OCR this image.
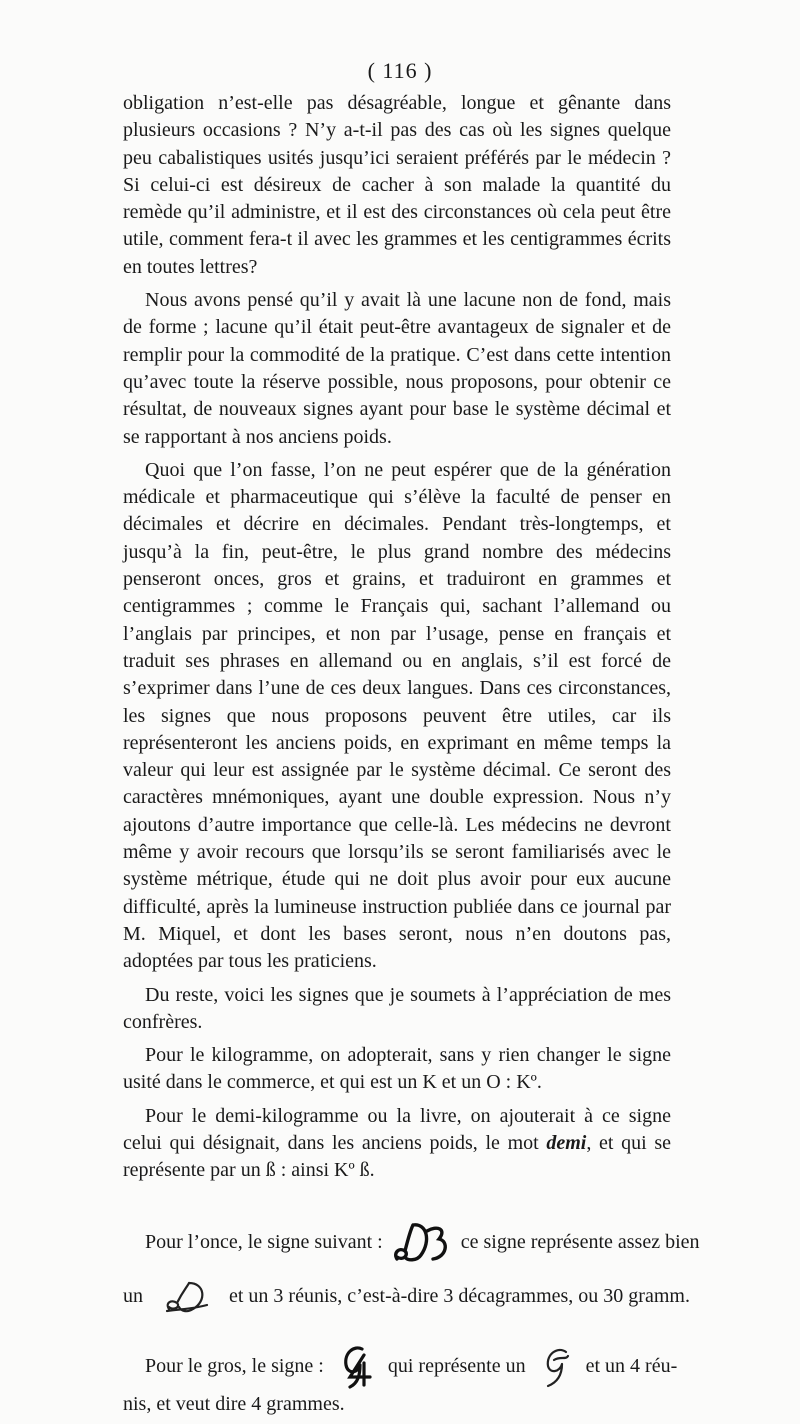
( 116 )

obligation n’est-elle pas désagréable, longue et gênante dans plusieurs occasions ? N’y a-t-il pas des cas où les signes quelque peu cabalistiques usités jusqu’ici seraient préférés par le médecin ? Si celui-ci est désireux de cacher à son malade la quantité du remède qu’il administre, et il est des circonstances où cela peut être utile, comment fera-t il avec les grammes et les centigrammes écrits en toutes lettres?

Nous avons pensé qu’il y avait là une lacune non de fond, mais de forme ; lacune qu’il était peut-être avantageux de signaler et de remplir pour la commodité de la pratique. C’est dans cette intention qu’avec toute la réserve possible, nous proposons, pour obtenir ce résultat, de nouveaux signes ayant pour base le système décimal et se rapportant à nos anciens poids.

Quoi que l’on fasse, l’on ne peut espérer que de la génération médicale et pharmaceutique qui s’élève la faculté de penser en décimales et décrire en décimales. Pendant très-longtemps, et jusqu’à la fin, peut-être, le plus grand nombre des médecins penseront onces, gros et grains, et traduiront en grammes et centigrammes ; comme le Français qui, sachant l’allemand ou l’anglais par principes, et non par l’usage, pense en français et traduit ses phrases en allemand ou en anglais, s’il est forcé de s’exprimer dans l’une de ces deux langues. Dans ces circonstances, les signes que nous proposons peuvent être utiles, car ils représenteront les anciens poids, en exprimant en même temps la valeur qui leur est assignée par le système décimal. Ce seront des caractères mnémoniques, ayant une double expression. Nous n’y ajoutons d’autre importance que celle-là. Les médecins ne devront même y avoir recours que lorsqu’ils se seront familiarisés avec le système métrique, étude qui ne doit plus avoir pour eux aucune difficulté, après la lumineuse instruction publiée dans ce journal par M. Miquel, et dont les bases seront, nous n’en doutons pas, adoptées par tous les praticiens.

Du reste, voici les signes que je soumets à l’appréciation de mes confrères.

Pour le kilogramme, on adopterait, sans y rien changer le signe usité dans le commerce, et qui est un K et un O : Kº.

Pour le demi-kilogramme ou la livre, on ajouterait à ce signe celui qui désignait, dans les anciens poids, le mot demi, et qui se représente par un ß : ainsi Kº ß.

Pour l’once, le signe suivant :	ce signe représente assez bien
un	et un 3 réunis, c’est-à-dire 3 décagrammes, ou 30 gramm.
Pour le gros, le signe :	qui représente un	et un 4 réu-

nis, et veut dire 4 grammes.
